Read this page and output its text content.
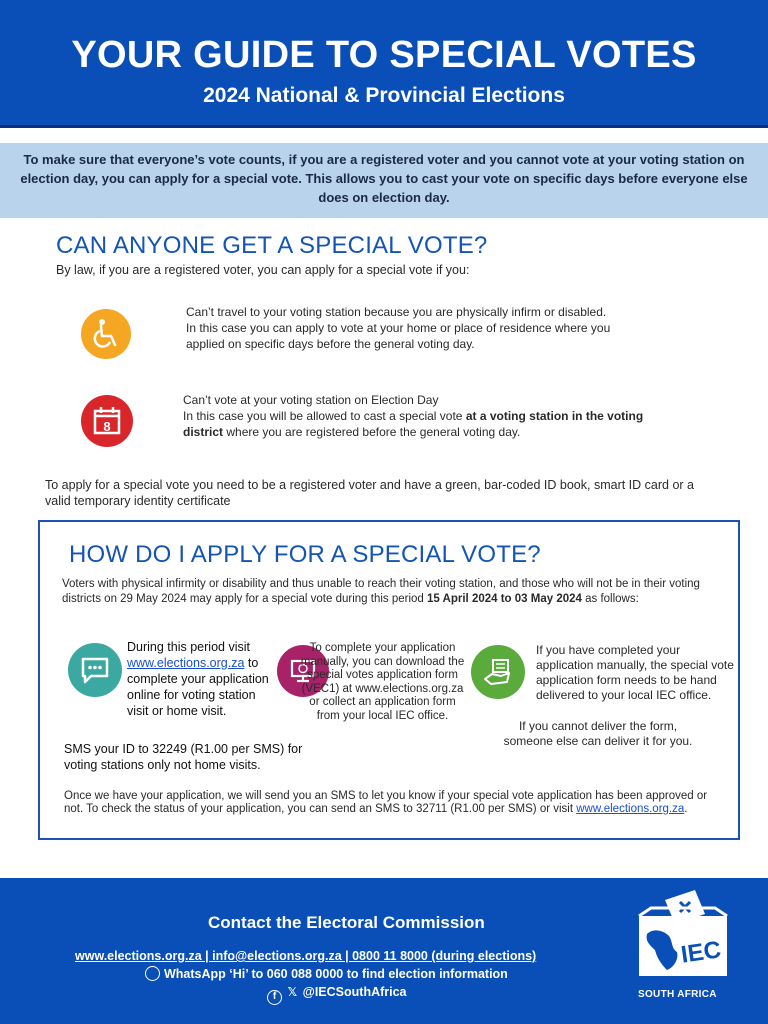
YOUR GUIDE TO SPECIAL VOTES
2024 National & Provincial Elections
To make sure that everyone’s vote counts, if you are a registered voter and you cannot vote at your voting station on election day, you can apply for a special vote. This allows you to cast your vote on specific days before everyone else does on election day.
CAN ANYONE GET A SPECIAL VOTE?
By law, if you are a registered voter, you can apply for a special vote if you:
Can’t travel to your voting station because you are physically infirm or disabled.
In this case you can apply to vote at your home or place of residence where you applied on specific days before the general voting day.
8
Can’t vote at your voting station on Election Day
In this case you will be allowed to cast a special vote at a voting station in the voting district where you are registered before the general voting day.
To apply for a special vote you need to be a registered voter and have a green, bar-coded ID book, smart ID card or a valid temporary identity certificate
HOW DO I APPLY FOR A SPECIAL VOTE?
Voters with physical infirmity or disability and thus unable to reach their voting station, and those who will not be in their voting districts on 29 May 2024 may apply for a special vote during this period 15 April 2024 to 03 May 2024 as follows:
During this period visit www.elections.org.za to complete your application online for voting station visit or home visit.
SMS your ID to 32249 (R1.00 per SMS) for voting stations only not home visits.
To complete your application manually, you can download the special votes application form (VEC1) at www.elections.org.za or collect an application form from your local IEC office.
If you have completed your application manually, the special vote application form needs to be hand delivered to your local IEC office.
If you cannot deliver the form, someone else can deliver it for you.
Once we have your application, we will send you an SMS to let you know if your special vote application has been approved or not. To check the status of your application, you can send an SMS to 32711 (R1.00 per SMS) or visit www.elections.org.za.
Contact the Electoral Commission
www.elections.org.za | info@elections.org.za | 0800 11 8000 (during elections)
WhatsApp ‘Hi’ to 060 088 0000 to find election information
f 𝕏 @IECSouthAfrica
IEC
SOUTH AFRICA
